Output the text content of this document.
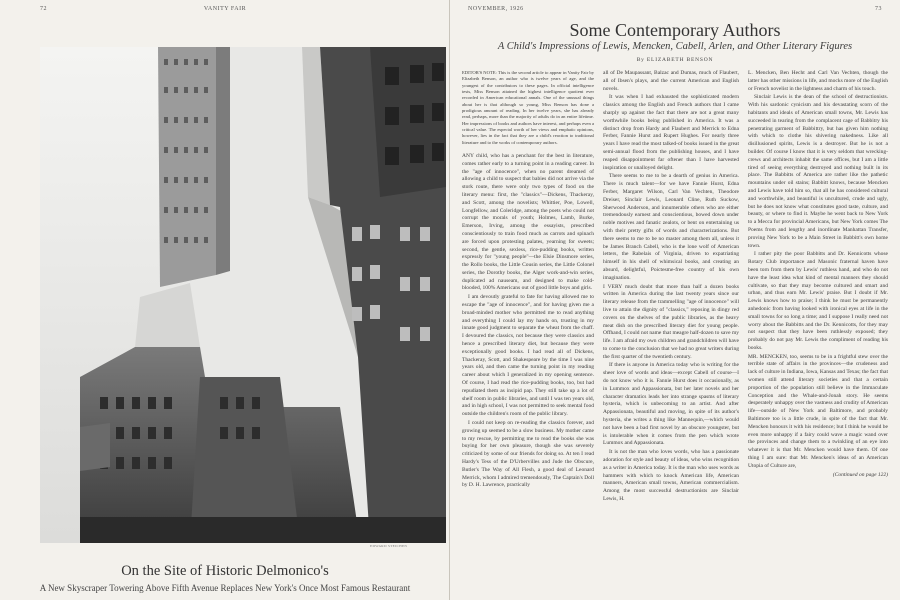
72	VANITY FAIR
EDWARD STEICHEN
On the Site of Historic Delmonico's
A New Skyscraper Towering Above Fifth Avenue Replaces New York's Once Most Famous Restaurant
NOVEMBER, 1926	73
Some Contemporary Authors
A Child's Impressions of Lewis, Mencken, Cabell, Arlen, and Other Literary Figures
By ELIZABETH BENSON

EDITOR'S NOTE: This is the second article to appear in Vanity Fair by Elizabeth Benson, an author who is twelve years of age, and the youngest of the contributors to these pages. In official intelligence tests, Miss Benson attained the highest intelligence quotient ever recorded in American educational annals. One of the unusual things about her is that although so young, Miss Benson has done a prodigious amount of reading. In her twelve years, she has already read, perhaps, more than the majority of adults do in an entire lifetime. Her impressions of books and authors have interest, and perhaps even a critical value. The especial worth of her views and emphatic opinions, however, lies in the fact that they are a child's reaction to traditional literature and to the works of contemporary authors.

ANY child, who has a penchant for the best in literature, comes rather early to a turning point in a reading career. In the "age of innocence", when no parent dreamed of allowing a child to suspect that babies did not arrive via the stork route, there were only two types of food on the literary menu: first, the "classics"—Dickens, Thackeray, and Scott, among the novelists; Whittier, Poe, Lowell, Longfellow, and Coleridge, among the poets who could not corrupt the morals of youth; Holmes, Lamb, Burke, Emerson, Irving, among the essayists, prescribed conscientiously to train food much as carrots and spinach are forced upon protesting palates, yearning for sweets; second, the gentle, sexless, rice-pudding books, written expressly for "young people"—the Elsie Dinsmore series, the Rollo books, the Little Cousin series, the Little Colonel series, the Dorothy books, the Alger work-and-win series, duplicated ad nauseam, and designed to make cold-blooded, 100% Americans out of good little boys and girls.

I am devoutly grateful to fate for having allowed me to escape the "age of innocence", and for having given me a broad-minded mother who permitted me to read anything and everything I could lay my hands on, trusting in my innate good judgment to separate the wheat from the chaff. I devoured the classics, not because they were classics and hence a prescribed literary diet, but because they were exceptionally good books. I had read all of Dickens, Thackeray, Scott, and Shakespeare by the time I was nine years old, and then came the turning point in my reading career about which I generalized in my opening sentence. Of course, I had read the rice-pudding books, too, but had repudiated them as insipid pap. They still take up a lot of shelf room in public libraries, and until I was ten years old, and in high school, I was not permitted to seek mental food outside the children's room of the public library.

I could not keep on re-reading the classics forever, and growing up seemed to be a slow business. My mother came to my rescue, by permitting me to read the books she was buying for her own pleasure, though she was severely criticized by some of our friends for doing so. At ten I read Hardy's Tess of the D'Urbervilles and Jude the Obscure, Butler's The Way of All Flesh, a good deal of Leonard Merrick, whom I admired tremendously, The Captain's Doll by D. H. Lawrence, practically

all of De Maupassant, Balzac and Dumas, much of Flaubert, all of Ibsen's plays, and the current American and English novels.

It was when I had exhausted the sophisticated modern classics among the English and French authors that I came sharply up against the fact that there are not a great many worthwhile books being published in America. It was a distinct drop from Hardy and Flaubert and Merrick to Edna Ferber, Fannie Hurst and Rupert Hughes. For nearly three years I have read the most talked-of books issued in the great semi-annual flood from the publishing houses, and I have reaped disappointment far oftener than I have harvested inspiration or unalloyed delight.

There seems to me to be a dearth of genius in America. There is much talent—for we have Fannie Hurst, Edna Ferber, Margaret Wilson, Carl Van Vechten, Theodore Dreiser, Sinclair Lewis, Leonard Cline, Ruth Suckow, Sherwood Anderson, and innumerable others who are either tremendously earnest and conscientious, bowed down under noble motives and fanatic zealots, or bent on entertaining us with their pretty gifts of words and characterizations. But there seems to me to be no master among them all, unless it be James Branch Cabell, who is the lone wolf of American letters, the Rabelais of Virginia, driven to expatriating himself in his shell of whimsical books, and creating an absurd, delightful, Poictesme-free country of his own imagination.

I VERY much doubt that more than half a dozen books written in America during the last twenty years since our literary release from the trammelling "age of innocence" will live to attain the dignity of "classics," reposing in dingy red covers on the shelves of the public libraries, as the heavy meat dish on the prescribed literary diet for young people. Offhand, I could not name that meagre half-dozen to save my life. I am afraid my own children and grandchildren will have to come to the conclusion that we had no great writers during the first quarter of the twentieth century.

If there is anyone in America today who is writing for the sheer love of words and ideas—except Cabell of course—I do not know who it is. Fannie Hurst does it occasionally, as in Lummox and Appassionata, but her later novels and her character dramatics leads her into strange spasms of literary hysteria, which is unbecoming to an artist. And after Appassionata, beautiful and moving, in spite of its author's hysteria, she writes a thing like Mannequin,—which would not have been a bad first novel by an obscure youngster, but is intolerable when it comes from the pen which wrote Lummox and Appassionata.

It is not the man who loves words, who has a passionate adoration for style and beauty of ideas, who wins recognition as a writer in America today. It is the man who uses words as hammers with which to knock American life, American manners, American small towns, American commercialism. Among the most successful destructionists are Sinclair Lewis, H.

L. Mencken, Ben Hecht and Carl Van Vechten, though the latter has other missions in life, and mocks more of the English or French novelist in the lightness and charm of his touch.

Sinclair Lewis is the dean of the school of destructionists. With his sardonic cynicism and his devastating scorn of the habitants and ideals of American small towns, Mr. Lewis has succeeded in tearing from the complacent cage of Babbitry his penetrating garment of Babbittry, but has given him nothing with which to clothe his shivering nakedness. Like all disillusioned spirits, Lewis is a destroyer. But he is not a builder. Of course I know that it is very seldom that wrecking-crews and architects inhabit the same offices, but I am a little tired of seeing everything destroyed and nothing built in its place. The Babbitts of America are rather like the pathetic mountains under oil stains; Babbitt knows, because Mencken and Lewis have told him so, that all he has considered cultural and worthwhile, and beautiful is uncultured, crude and ugly, but he does not know what constitutes good taste, culture, and beauty, or where to find it. Maybe he went back to New York to a Mecca for provincial Americans, but New York comes The Poems from and lengthy and inordinate Manhattan Transfer, proving New York to be a Main Street in Babbitt's own home town.

I rather pity the poor Babbitts and Dr. Kennicotts whose Rotary Club importance and Masonic fraternal haven have been torn from them by Lewis' ruthless hand, and who do not have the least idea what kind of mental manners they should cultivate, so that they may become cultured and smart and urban, and thus earn Mr. Lewis' praise. But I doubt if Mr. Lewis knows how to praise; I think he must be permanently anhedonic from having looked with ironical eyes at life in the small towns for so long a time; and I suppose I really need not worry about the Babbitts and the Dr. Kennicotts, for they may not suspect that they have been ruthlessly exposed; they probably do not pay Mr. Lewis the compliment of reading his books.

MR. MENCKEN, too, seems to be in a frightful stew over the terrible state of affairs in the provinces—the crudeness and lack of culture in Indiana, Iowa, Kansas and Texas; the fact that women still attend literary societies and that a certain proportion of the population still believe in the Immaculate Conception and the Whale-and-Jonah story. He seems desperately unhappy over the vastness and crudity of American life—outside of New York and Baltimore, and probably Baltimore too is a little crude, in spite of the fact that Mr. Mencken honours it with his residence; but I think he would be even more unhappy if a fairy could wave a magic wand over the provinces and change them to a twinkling of an eye into whatever it is that Mr. Mencken would have them. Of one thing I am sure: that Mr. Mencken's ideas of an American Utopia of Culture are,

(Continued on page 122)
